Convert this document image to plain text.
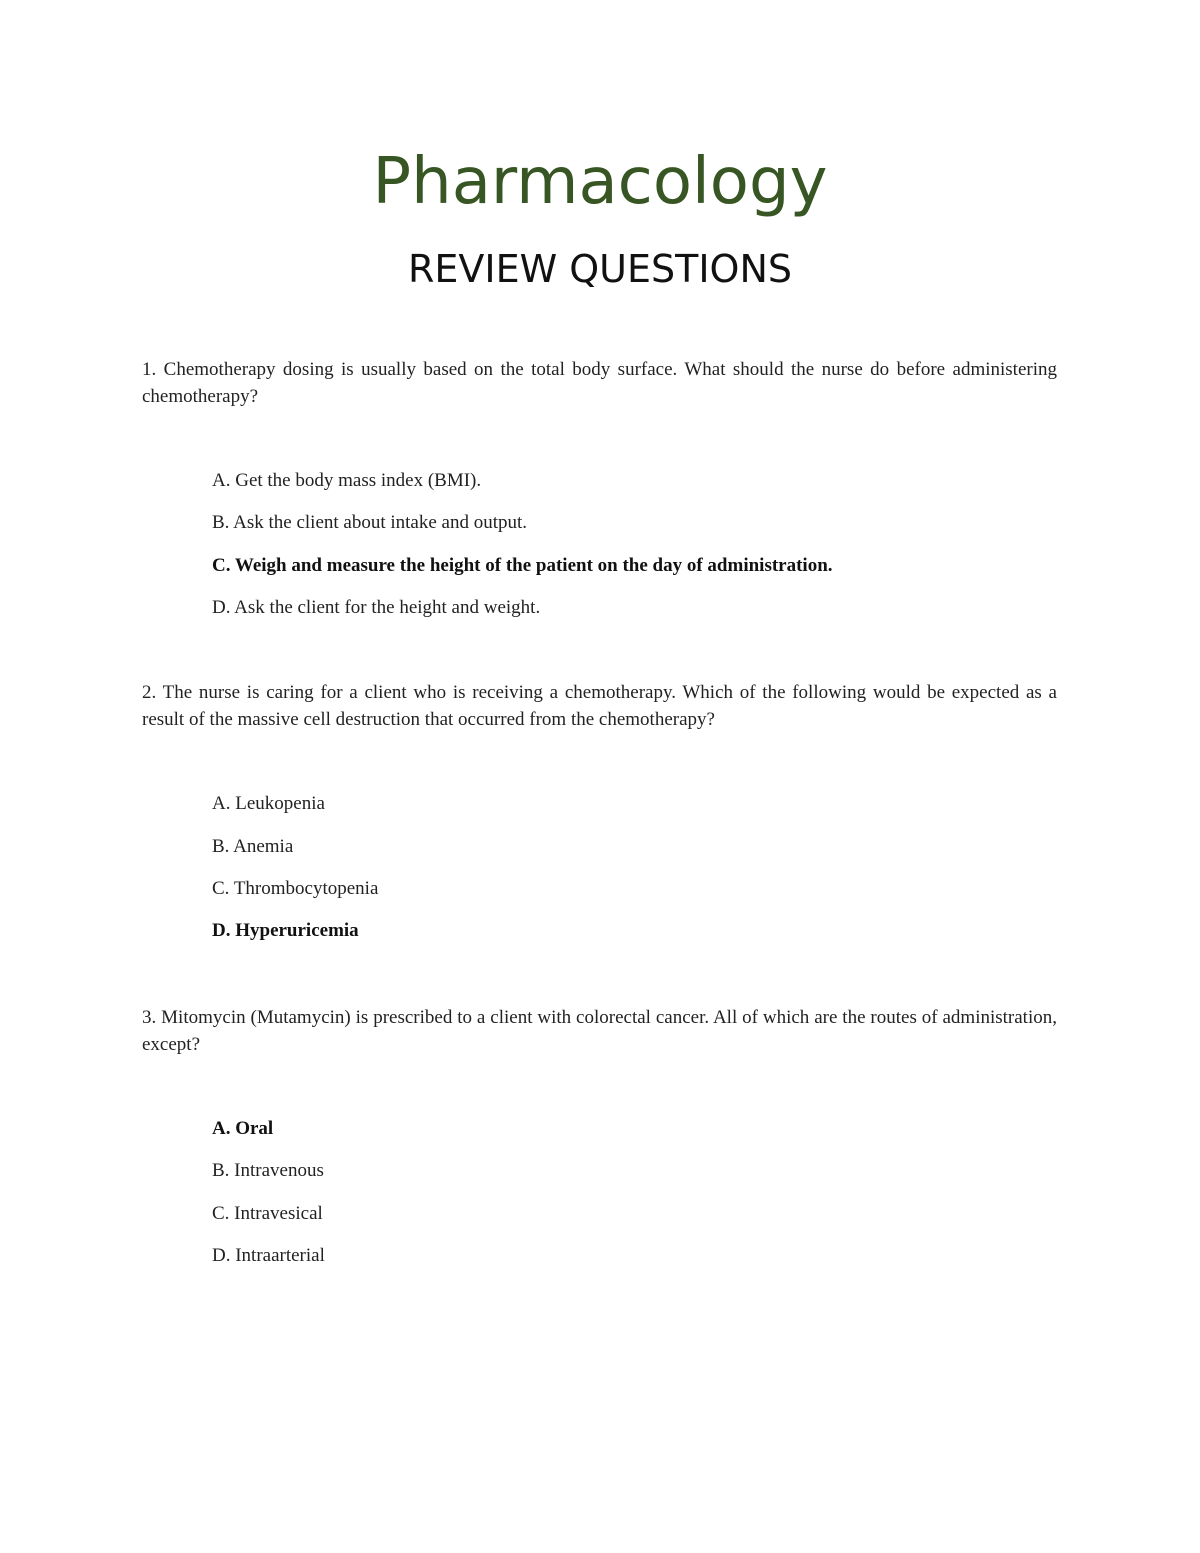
Pharmacology
REVIEW QUESTIONS

1. Chemotherapy dosing is usually based on the total body surface. What should the nurse do before administering chemotherapy?

A. Get the body mass index (BMI).

B. Ask the client about intake and output.

C. Weigh and measure the height of the patient on the day of administration.

D. Ask the client for the height and weight.

2. The nurse is caring for a client who is receiving a chemotherapy. Which of the following would be expected as a result of the massive cell destruction that occurred from the chemotherapy?

A. Leukopenia

B. Anemia

C. Thrombocytopenia

D. Hyperuricemia

3. Mitomycin (Mutamycin) is prescribed to a client with colorectal cancer. All of which are the routes of administration, except?

A. Oral

B. Intravenous

C. Intravesical

D. Intraarterial
